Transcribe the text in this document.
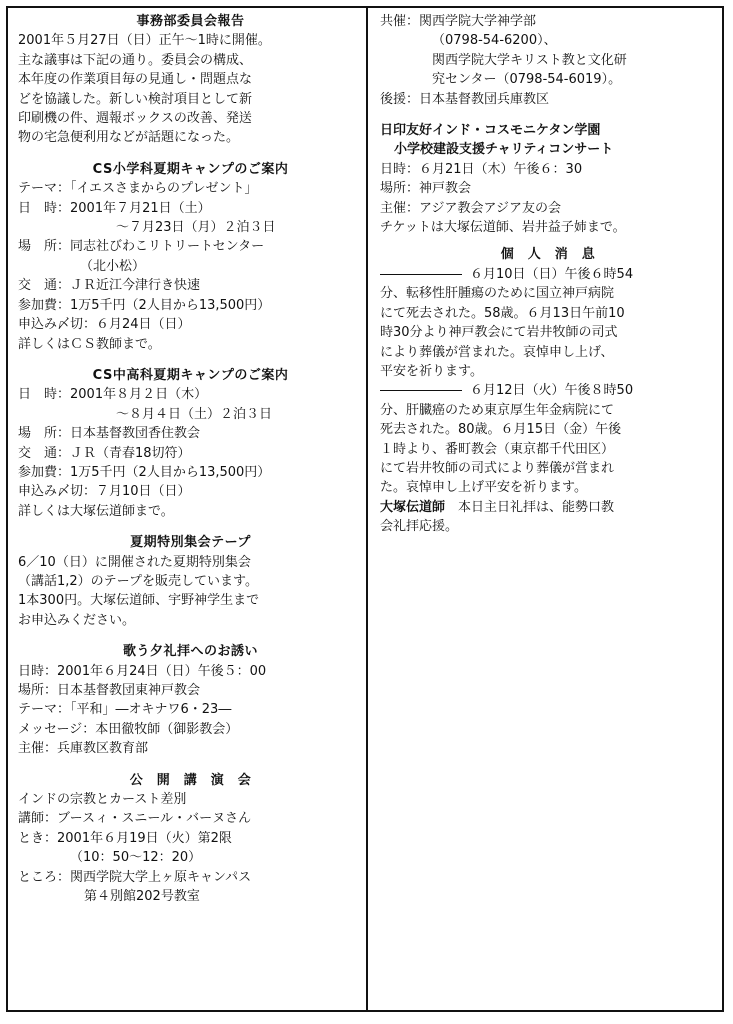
事務部委員会報告
2001年５月27日（日）正午〜1時に開催。
主な議事は下記の通り。委員会の構成、
本年度の作業項目毎の見通し・問題点な
どを協議した。新しい検討項目として新
印刷機の件、週報ボックスの改善、発送
物の宅急便利用などが話題になった。
CS小学科夏期キャンプのご案内
テーマ：「イエスさまからのプレゼント」
日　時：2001年７月21日（土）
〜７月23日（月）２泊３日
場　所：同志社びわこリトリートセンター
（北小松）
交　通：ＪＲ近江今津行き快速
参加費：1万5千円（2人目から13,500円）
申込み〆切：６月24日（日）
詳しくはＣＳ教師まで。
CS中高科夏期キャンプのご案内
日　時：2001年８月２日（木）
〜８月４日（土）２泊３日
場　所：日本基督教団香住教会
交　通：ＪＲ（青春18切符）
参加費：1万5千円（2人目から13,500円）
申込み〆切：７月10日（日）
詳しくは大塚伝道師まで。
夏期特別集会テープ
6／10（日）に開催された夏期特別集会
（講話1,2）のテープを販売しています。
1本300円。大塚伝道師、宇野神学生まで
お申込みください。
歌う夕礼拝へのお誘い
日時：2001年６月24日（日）午後５：00
場所：日本基督教団東神戸教会
テーマ：「平和」―オキナワ6・23―
メッセージ：本田徹牧師（御影教会）
主催：兵庫教区教育部
公　開　講　演　会
インドの宗教とカースト差別
講師：ブースィ・スニール・バーヌさん
とき：2001年６月19日（火）第2限
（10：50〜12：20）
ところ：関西学院大学上ヶ原キャンパス
第４別館202号教室
共催：関西学院大学神学部
（0798-54-6200）、
関西学院大学キリスト教と文化研
究センター（0798-54-6019）。
後援：日本基督教団兵庫教区
日印友好インド・コスモニケタン学園
小学校建設支援チャリティコンサート
日時：６月21日（木）午後６：30
場所：神戸教会
主催：アジア教会アジア友の会
チケットは大塚伝道師、岩井益子姉まで。
個　人　消　息
６月10日（日）午後６時54
分、転移性肝腫瘍のために国立神戸病院
にて死去された。58歳。６月13日午前10
時30分より神戸教会にて岩井牧師の司式
により葬儀が営まれた。哀悼申し上げ、
平安を祈ります。
６月12日（火）午後８時50
分、肝臓癌のため東京厚生年金病院にて
死去された。80歳。６月15日（金）午後
１時より、番町教会（東京都千代田区）
にて岩井牧師の司式により葬儀が営まれ
た。哀悼申し上げ平安を祈ります。
大塚伝道師　本日主日礼拝は、能勢口教
会礼拝応援。
